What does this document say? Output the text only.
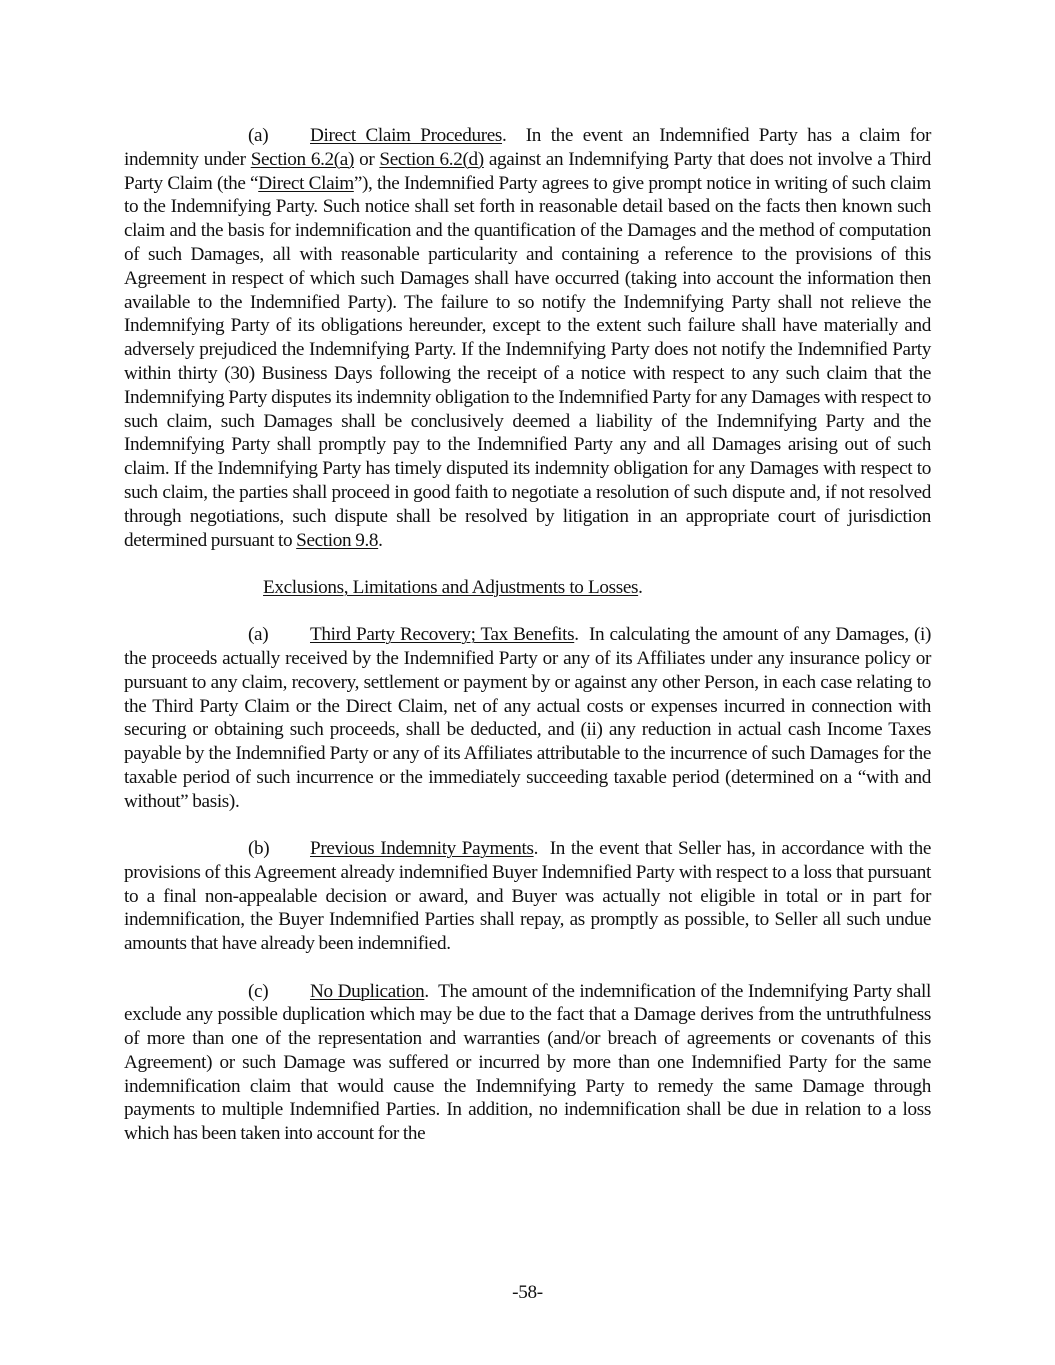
(a) Direct Claim Procedures.  In the event an Indemnified Party has a claim for indemnity under Section 6.2(a) or Section 6.2(d) against an Indemnifying Party that does not involve a Third Party Claim (the “Direct Claim”), the Indemnified Party agrees to give prompt notice in writing of such claim to the Indemnifying Party. Such notice shall set forth in reasonable detail based on the facts then known such claim and the basis for indemnification and the quantification of the Damages and the method of computation of such Damages, all with reasonable particularity and containing a reference to the provisions of this Agreement in respect of which such Damages shall have occurred (taking into account the information then available to the Indemnified Party). The failure to so notify the Indemnifying Party shall not relieve the Indemnifying Party of its obligations hereunder, except to the extent such failure shall have materially and adversely prejudiced the Indemnifying Party. If the Indemnifying Party does not notify the Indemnified Party within thirty (30) Business Days following the receipt of a notice with respect to any such claim that the Indemnifying Party disputes its indemnity obligation to the Indemnified Party for any Damages with respect to such claim, such Damages shall be conclusively deemed a liability of the Indemnifying Party and the Indemnifying Party shall promptly pay to the Indemnified Party any and all Damages arising out of such claim. If the Indemnifying Party has timely disputed its indemnity obligation for any Damages with respect to such claim, the parties shall proceed in good faith to negotiate a resolution of such dispute and, if not resolved through negotiations, such dispute shall be resolved by litigation in an appropriate court of jurisdiction determined pursuant to Section 9.8.

Exclusions, Limitations and Adjustments to Losses.

(a) Third Party Recovery; Tax Benefits.  In calculating the amount of any Damages, (i) the proceeds actually received by the Indemnified Party or any of its Affiliates under any insurance policy or pursuant to any claim, recovery, settlement or payment by or against any other Person, in each case relating to the Third Party Claim or the Direct Claim, net of any actual costs or expenses incurred in connection with securing or obtaining such proceeds, shall be deducted, and (ii) any reduction in actual cash Income Taxes payable by the Indemnified Party or any of its Affiliates attributable to the incurrence of such Damages for the taxable period of such incurrence or the immediately succeeding taxable period (determined on a “with and without” basis).

(b) Previous Indemnity Payments.  In the event that Seller has, in accordance with the provisions of this Agreement already indemnified Buyer Indemnified Party with respect to a loss that pursuant to a final non-appealable decision or award, and Buyer was actually not eligible in total or in part for indemnification, the Buyer Indemnified Parties shall repay, as promptly as possible, to Seller all such undue amounts that have already been indemnified.

(c) No Duplication.  The amount of the indemnification of the Indemnifying Party shall exclude any possible duplication which may be due to the fact that a Damage derives from the untruthfulness of more than one of the representation and warranties (and/or breach of agreements or covenants of this Agreement) or such Damage was suffered or incurred by more than one Indemnified Party for the same indemnification claim that would cause the Indemnifying Party to remedy the same Damage through payments to multiple Indemnified Parties. In addition, no indemnification shall be due in relation to a loss which has been taken into account for the

-58-
